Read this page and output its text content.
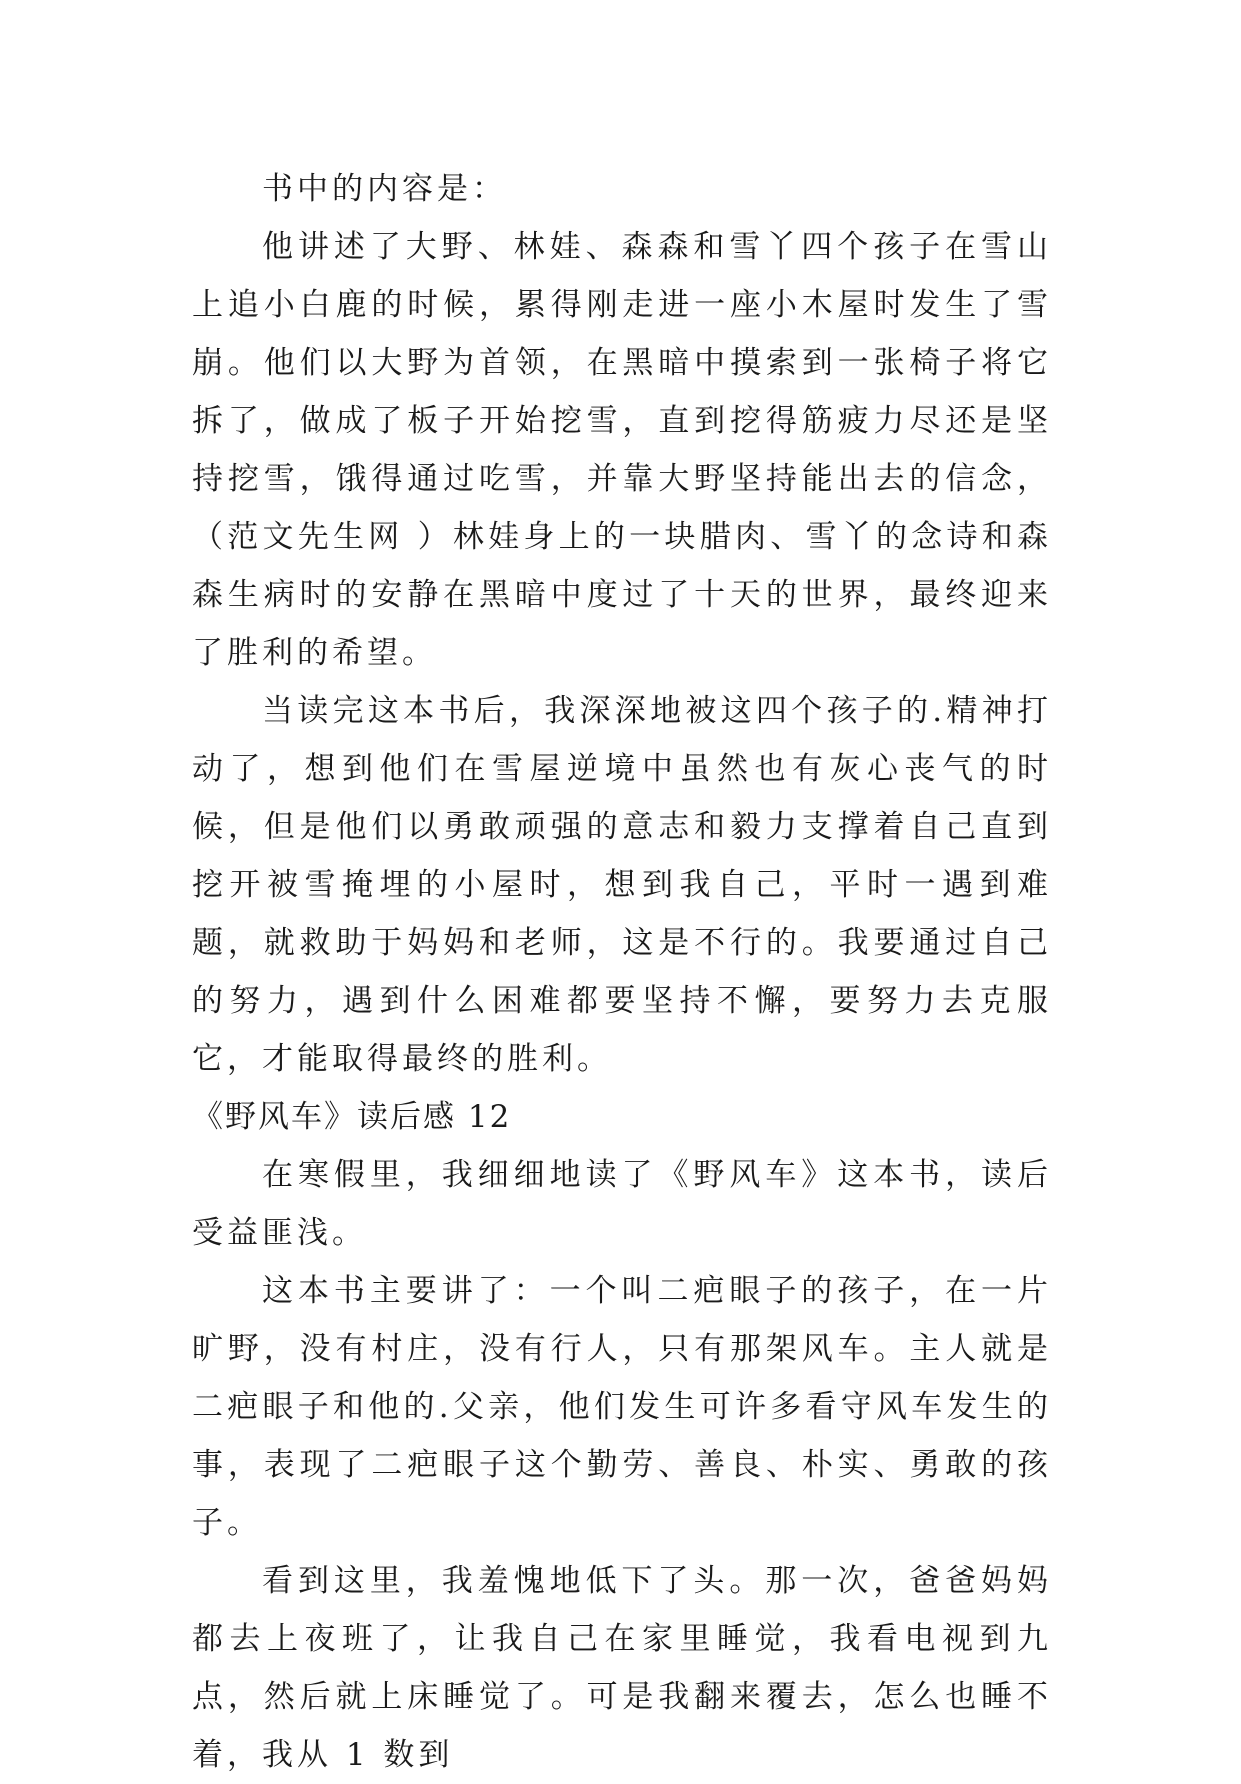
书中的内容是：

他讲述了大野、林娃、森森和雪丫四个孩子在雪山上追小白鹿的时候，累得刚走进一座小木屋时发生了雪崩。他们以大野为首领，在黑暗中摸索到一张椅子将它拆了，做成了板子开始挖雪，直到挖得筋疲力尽还是坚持挖雪，饿得通过吃雪，并靠大野坚持能出去的信念，（范文先生网 ）林娃身上的一块腊肉、雪丫的念诗和森森生病时的安静在黑暗中度过了十天的世界，最终迎来了胜利的希望。

当读完这本书后，我深深地被这四个孩子的.精神打动了，想到他们在雪屋逆境中虽然也有灰心丧气的时候，但是他们以勇敢顽强的意志和毅力支撑着自己直到挖开被雪掩埋的小屋时，想到我自己，平时一遇到难题，就救助于妈妈和老师，这是不行的。我要通过自己的努力，遇到什么困难都要坚持不懈，要努力去克服它，才能取得最终的胜利。

《野风车》读后感 12

在寒假里，我细细地读了《野风车》这本书，读后受益匪浅。

这本书主要讲了：一个叫二疤眼子的孩子，在一片旷野，没有村庄，没有行人，只有那架风车。主人就是二疤眼子和他的.父亲，他们发生可许多看守风车发生的事，表现了二疤眼子这个勤劳、善良、朴实、勇敢的孩子。

看到这里，我羞愧地低下了头。那一次，爸爸妈妈都去上夜班了，让我自己在家里睡觉，我看电视到九点，然后就上床睡觉了。可是我翻来覆去，怎么也睡不着，我从 1 数到
